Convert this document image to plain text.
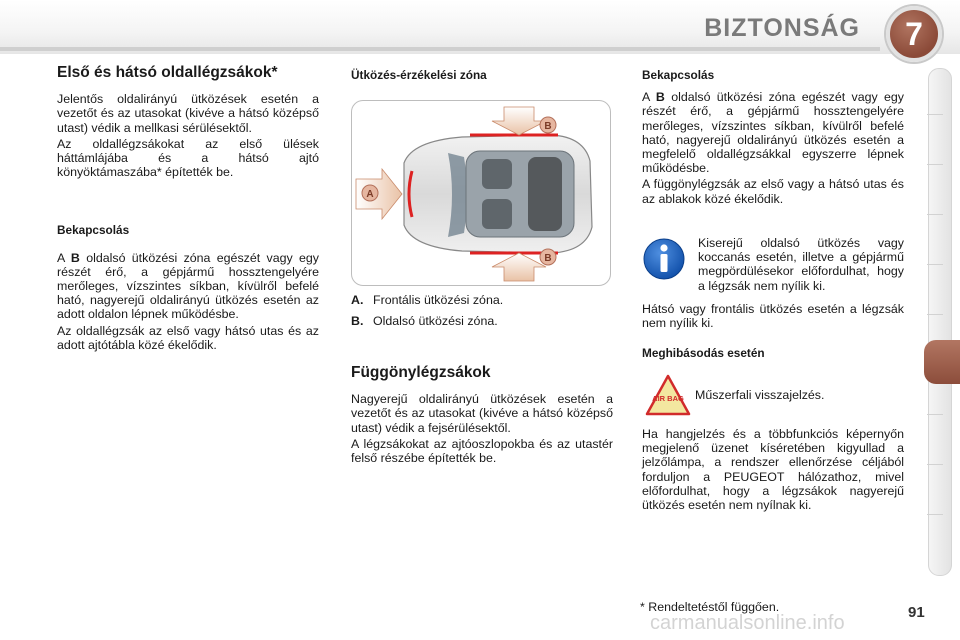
BIZTONSÁG	7
Első és hátsó oldallégzsákok*

Jelentős oldalirányú ütközések esetén a vezetőt és az utasokat (kivéve a hátsó középső utast) védik a mellkasi sérülésektől.

Az oldallégzsákokat az első ülések háttámlájába és a hátsó ajtó könyöktámaszába* építették be.

Bekapcsolás

A B oldalsó ütközési zóna egészét vagy egy részét érő, a gépjármű hossztengelyére merőleges, vízszintes síkban, kívülről befelé ható, nagyerejű oldalirányú ütközés esetén az adott oldalon lépnek működésbe.

Az oldallégzsák az első vagy hátsó utas és az adott ajtótábla közé ékelődik.

Ütközés-érzékelési zóna
A
B
B
A. Frontális ütközési zóna.
B. Oldalsó ütközési zóna.
Függönylégzsákok

Nagyerejű oldalirányú ütközések esetén a vezetőt és az utasokat (kivéve a hátsó középső utast) védik a fejsérülésektől.

A légzsákokat az ajtóoszlopokba és az utastér felső részébe építették be.

Bekapcsolás

A B oldalsó ütközési zóna egészét vagy egy részét érő, a gépjármű hossztengelyére merőleges, vízszintes síkban, kívülről befelé ható, nagyerejű oldalirányú ütközés esetén a megfelelő oldallégzsákkal egyszerre lépnek működésbe.

A függönylégzsák az első vagy a hátsó utas és az ablakok közé ékelődik.

Kiserejű oldalsó ütközés vagy koccanás esetén, illetve a gépjármű megpördülésekor előfordulhat, hogy a légzsák nem nyílik ki.

Hátsó vagy frontális ütközés esetén a légzsák nem nyílik ki.

Meghibásodás esetén
AIR BAG Műszerfali visszajelzés.

Ha hangjelzés és a többfunkciós képernyőn megjelenő üzenet kíséretében kigyullad a jelzőlámpa, a rendszer ellenőrzése céljából forduljon a PEUGEOT hálózathoz, mivel előfordulhat, hogy a légzsákok nagyerejű ütközés esetén nem nyílnak ki.

* Rendeltetéstől függően.	91
carmanualsonline.info
